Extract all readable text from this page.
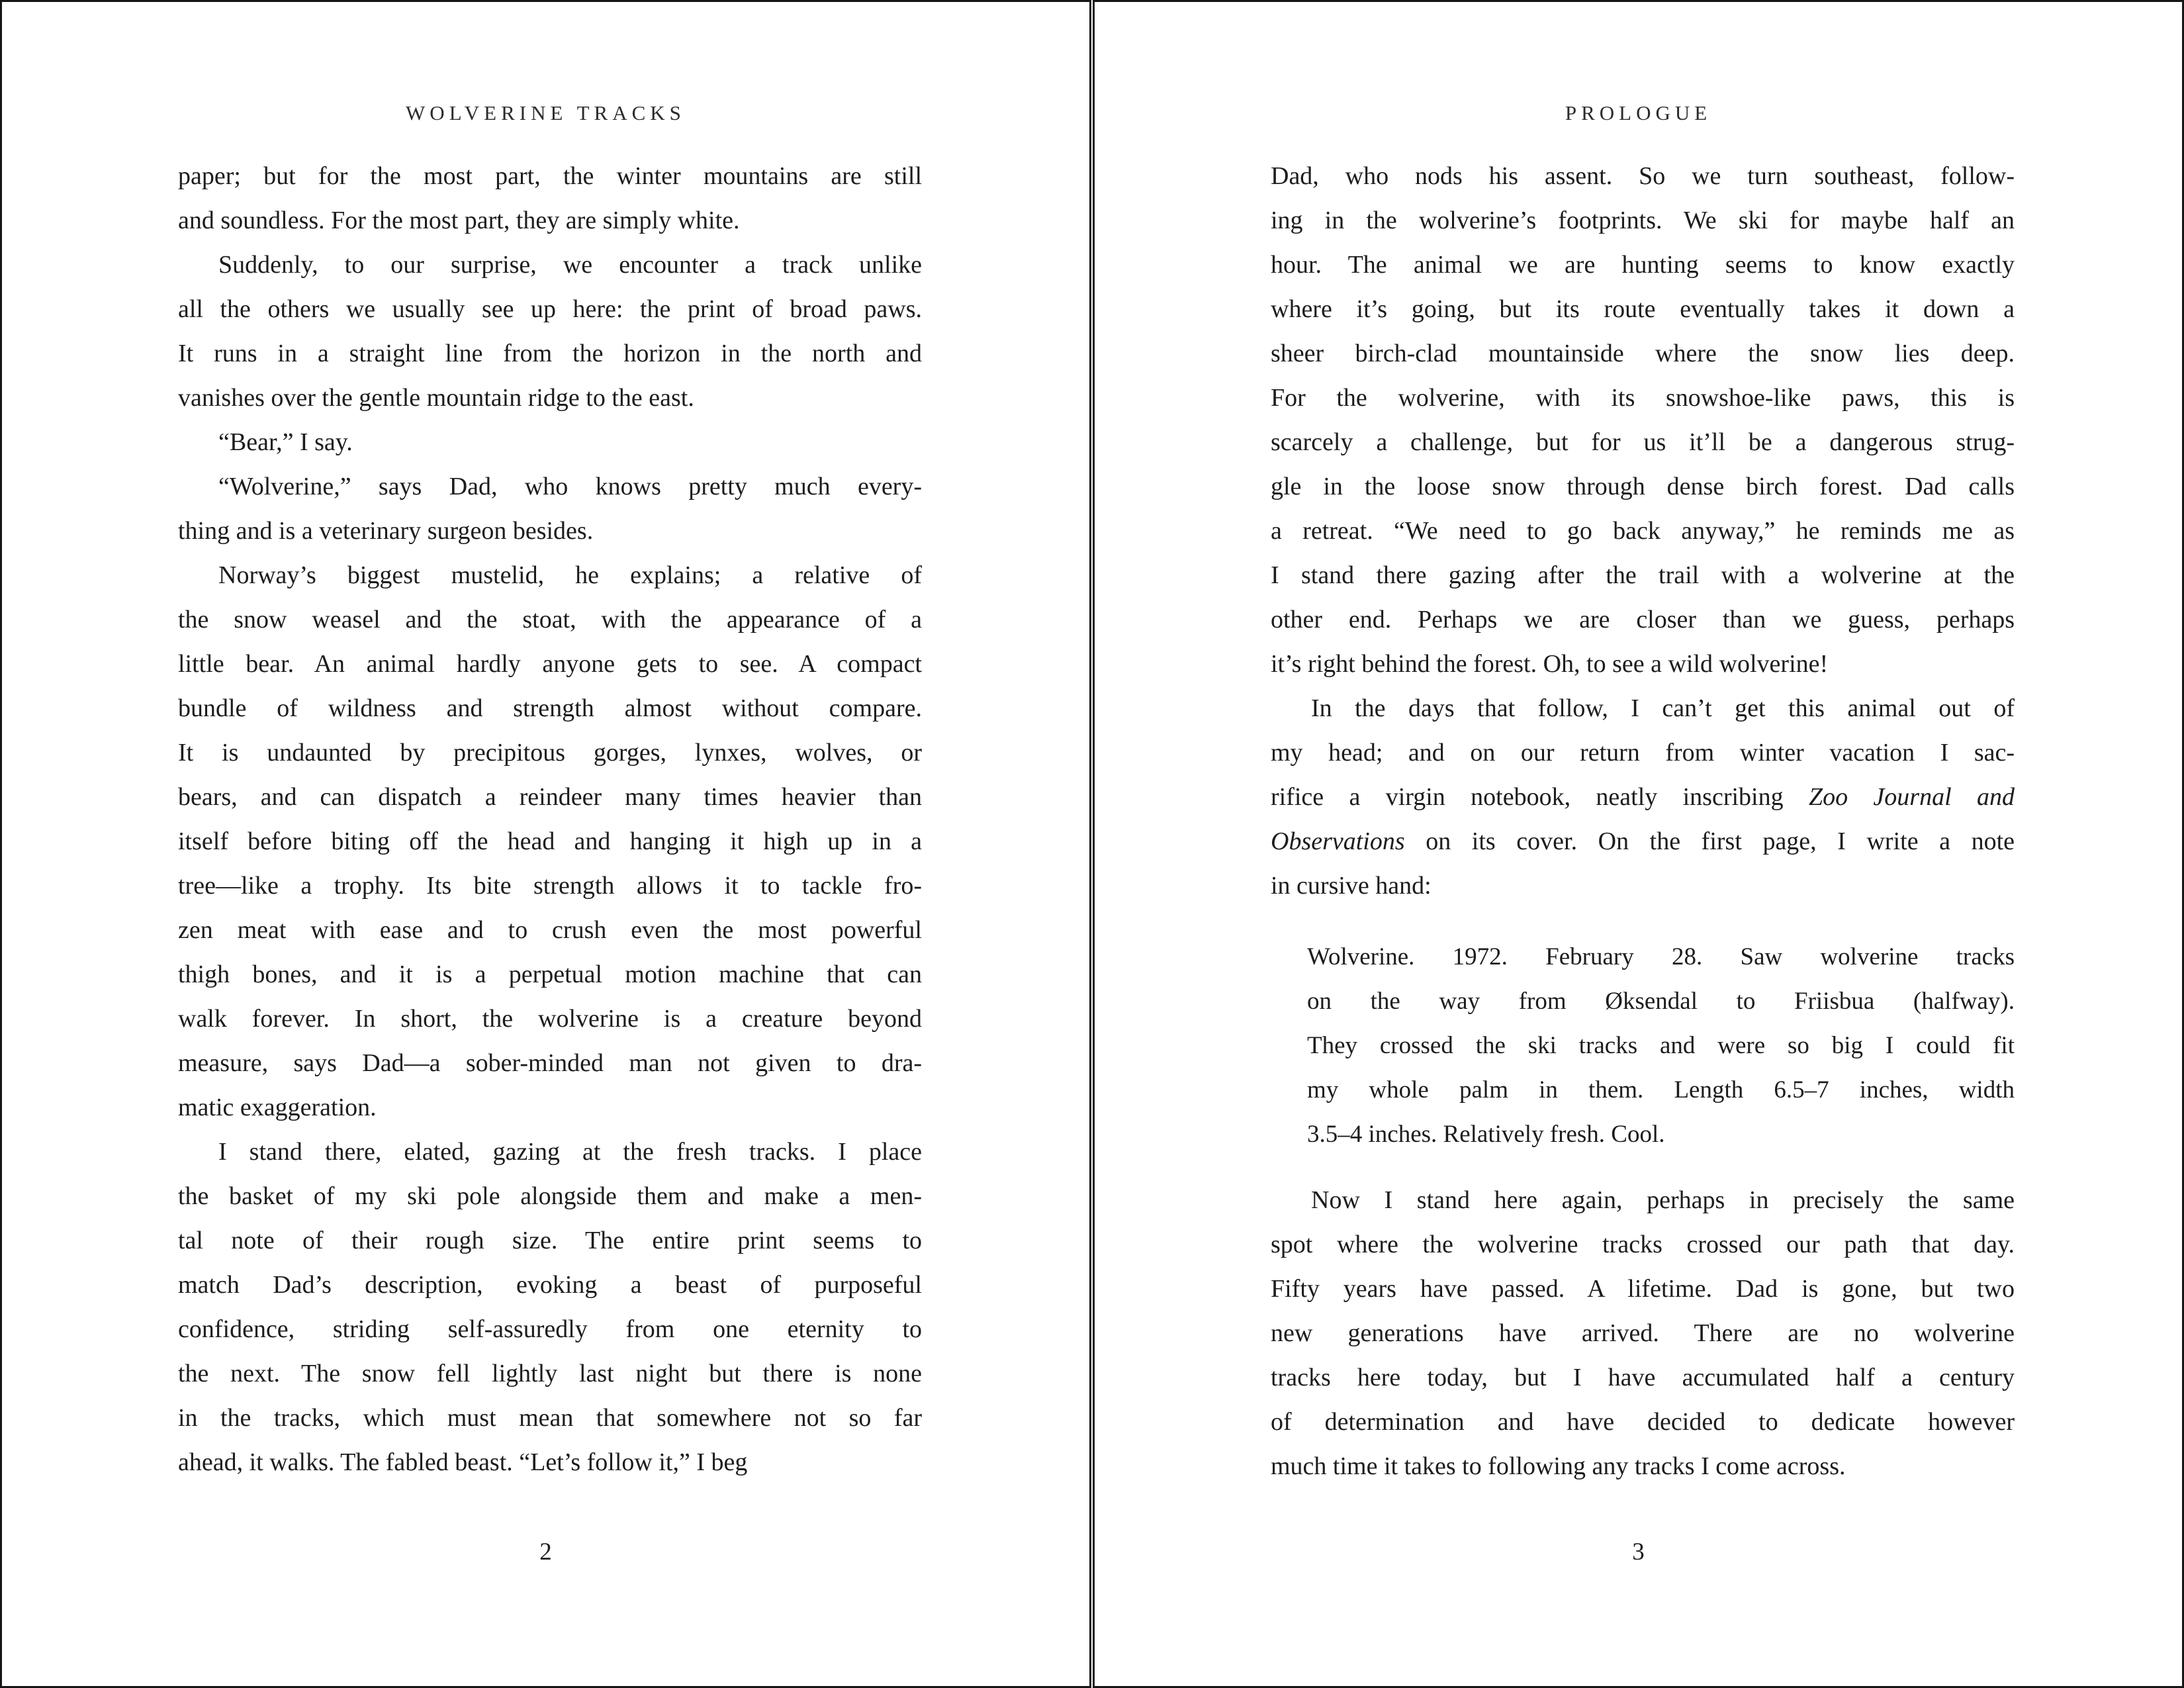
WOLVERINE TRACKS
paper; but for the most part, the winter mountains are still
and soundless. For the most part, they are simply white.
Suddenly, to our surprise, we encounter a track unlike
all the others we usually see up here: the print of broad paws.
It runs in a straight line from the horizon in the north and
vanishes over the gentle mountain ridge to the east.
“Bear,” I say.
“Wolverine,” says Dad, who knows pretty much every-
thing and is a veterinary surgeon besides.
Norway’s biggest mustelid, he explains; a relative of
the snow weasel and the stoat, with the appearance of a
little bear. An animal hardly anyone gets to see. A compact
bundle of wildness and strength almost without compare.
It is undaunted by precipitous gorges, lynxes, wolves, or
bears, and can dispatch a reindeer many times heavier than
itself before biting off the head and hanging it high up in a
tree—like a trophy. Its bite strength allows it to tackle fro-
zen meat with ease and to crush even the most powerful
thigh bones, and it is a perpetual motion machine that can
walk forever. In short, the wolverine is a creature beyond
measure, says Dad—a sober-minded man not given to dra-
matic exaggeration.
I stand there, elated, gazing at the fresh tracks. I place
the basket of my ski pole alongside them and make a men-
tal note of their rough size. The entire print seems to
match Dad’s description, evoking a beast of purposeful
confidence, striding self-assuredly from one eternity to
the next. The snow fell lightly last night but there is none
in the tracks, which must mean that somewhere not so far
ahead, it walks. The fabled beast. “Let’s follow it,” I beg
2
PROLOGUE
Dad, who nods his assent. So we turn southeast, follow-
ing in the wolverine’s footprints. We ski for maybe half an
hour. The animal we are hunting seems to know exactly
where it’s going, but its route eventually takes it down a
sheer birch-clad mountainside where the snow lies deep.
For the wolverine, with its snowshoe-like paws, this is
scarcely a challenge, but for us it’ll be a dangerous strug-
gle in the loose snow through dense birch forest. Dad calls
a retreat. “We need to go back anyway,” he reminds me as
I stand there gazing after the trail with a wolverine at the
other end. Perhaps we are closer than we guess, perhaps
it’s right behind the forest. Oh, to see a wild wolverine!
In the days that follow, I can’t get this animal out of
my head; and on our return from winter vacation I sac-
rifice a virgin notebook, neatly inscribing Zoo Journal and
Observations on its cover. On the first page, I write a note
in cursive hand:
Wolverine. 1972. February 28. Saw wolverine tracks
on the way from Øksendal to Friisbua (halfway).
They crossed the ski tracks and were so big I could fit
my whole palm in them. Length 6.5–7 inches, width
3.5–4 inches. Relatively fresh. Cool.
Now I stand here again, perhaps in precisely the same
spot where the wolverine tracks crossed our path that day.
Fifty years have passed. A lifetime. Dad is gone, but two
new generations have arrived. There are no wolverine
tracks here today, but I have accumulated half a century
of determination and have decided to dedicate however
much time it takes to following any tracks I come across.
3
